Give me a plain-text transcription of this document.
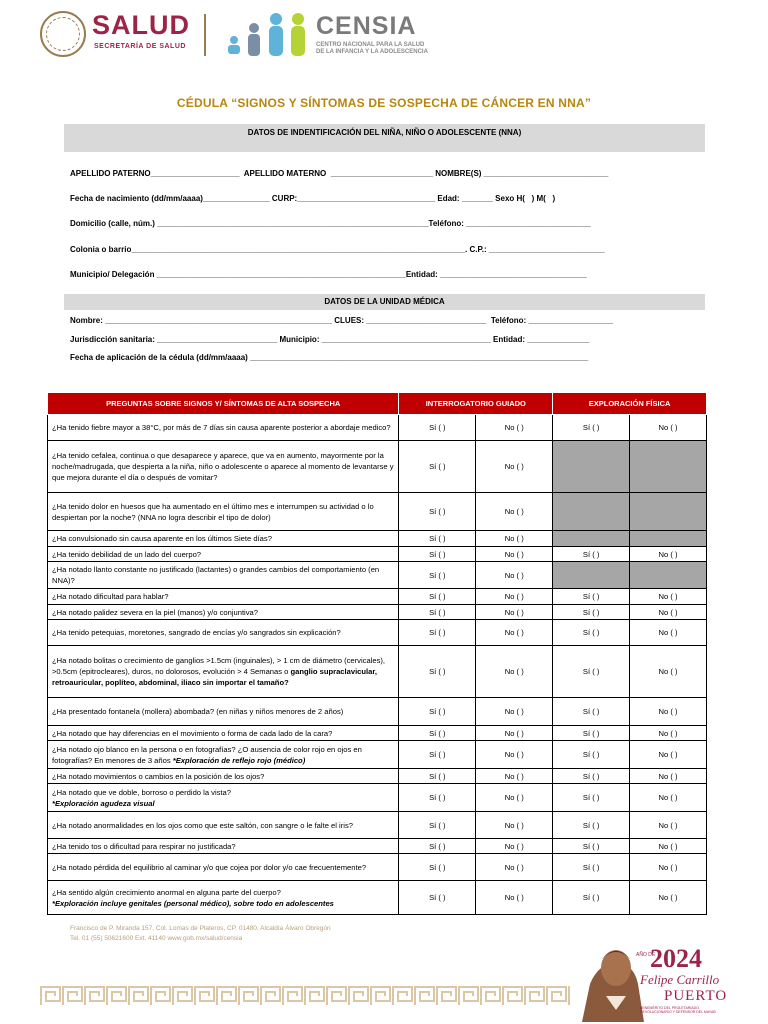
SALUD
SECRETARÍA DE SALUD
CENSIA
CENTRO NACIONAL PARA LA SALUD
DE LA INFANCIA Y LA ADOLESCENCIA
CÉDULA “SIGNOS Y SÍNTOMAS DE SOSPECHA DE CÁNCER EN NNA”
DATOS DE INDENTIFICACIÓN DEL NIÑA, NIÑO O ADOLESCENTE (NNA)
APELLIDO PATERNO____________________  APELLIDO MATERNO  _______________________ NOMBRE(S) ____________________________
Fecha de nacimiento (dd/mm/aaaa)_______________ CURP:_______________________________ Edad: _______ Sexo H(   ) M(   )
Domicilio (calle, núm.) _____________________________________________________________Teléfono: ____________________________
Colonia o barrio___________________________________________________________________________. C.P.: __________________________
Municipio/ Delegación ________________________________________________________Entidad: _________________________________
DATOS DE LA UNIDAD MÉDICA
Nombre: ___________________________________________________ CLUES: ___________________________  Teléfono: ___________________
Jurisdicción sanitaria: ___________________________ Municipio: ______________________________________ Entidad: ______________
Fecha de aplicación de la cédula (dd/mm/aaaa) ____________________________________________________________________________
PREGUNTAS SOBRE SIGNOS Y/ SÍNTOMAS DE ALTA SOSPECHA	INTERROGATORIO GUIADO		EXPLORACIÓN FÍSICA	
¿Ha tenido fiebre mayor a 38°C, por más de 7 días sin causa aparente posterior a abordaje medico?	Sí ( )	No ( )	Sí ( )	No ( )
¿Ha tenido cefalea, continua o que desaparece y aparece, que va en aumento, mayormente por la noche/madrugada, que despierta a la niña, niño o adolescente o aparece al momento de levantarse y que mejora durante el día o después de vomitar?	Sí ( )	No ( )		
¿Ha tenido dolor en huesos que ha aumentado en el último mes e interrumpen su actividad o lo despiertan por la noche? (NNA no logra describir el tipo de dolor)	Sí ( )	No ( )		
¿Ha convulsionado sin causa aparente en los últimos Siete días?	Sí ( )	No ( )		
¿Ha tenido debilidad de un lado del cuerpo?	Sí ( )	No ( )	Sí ( )	No ( )
¿Ha notado llanto constante no justificado (lactantes) o grandes cambios del comportamiento (en NNA)?	Sí ( )	No ( )		
¿Ha notado dificultad para hablar?	Sí ( )	No ( )	Sí ( )	No ( )
¿Ha notado palidez severa en la piel (manos) y/o conjuntiva?	Sí ( )	No ( )	Sí ( )	No ( )
¿Ha tenido petequias, moretones, sangrado de encías y/o sangrados sin explicación?	Sí ( )	No ( )	Sí ( )	No ( )
¿Ha notado bolitas o crecimiento de ganglios >1.5cm (inguinales), > 1 cm de diámetro (cervicales), >0.5cm (epitrocleares), duros, no dolorosos, evolución > 4 Semanas o ganglio supraclavicular, retroauricular, poplíteo, abdominal, iliaco sin importar el tamaño?	Sí ( )	No ( )	Sí ( )	No ( )
¿Ha presentado fontanela (mollera) abombada? (en niñas y niños menores de 2 años)	Sí ( )	No ( )	Sí ( )	No ( )
¿Ha notado que hay diferencias en el movimiento o forma de cada lado de la cara?	Sí ( )	No ( )	Sí ( )	No ( )
¿Ha notado ojo blanco en la persona o en fotografías? ¿O ausencia de color rojo en ojos en fotografías? En menores de 3 años *Exploración de reflejo rojo (médico)	Sí ( )	No ( )	Sí ( )	No ( )
¿Ha notado movimientos o cambios en la posición de los ojos?	Sí ( )	No ( )	Sí ( )	No ( )
¿Ha notado que ve doble, borroso o perdido la vista?
*Exploración agudeza visual	Sí ( )	No ( )	Sí ( )	No ( )
¿Ha notado anormalidades en los ojos como que este saltón, con sangre o le falte el iris?	Sí ( )	No ( )	Sí ( )	No ( )
¿Ha tenido tos o dificultad para respirar no justificada?	Sí ( )	No ( )	Sí ( )	No ( )
¿Ha notado pérdida del equilibrio al caminar y/o que cojea por dolor y/o cae frecuentemente?	Sí ( )	No ( )	Sí ( )	No ( )
¿Ha sentido algún crecimiento anormal en alguna parte del cuerpo?
*Exploración incluye genitales (personal médico), sobre todo en adolescentes	Sí ( )	No ( )	Sí ( )	No ( )
Francisco de P. Miranda 157, Col. Lomas de Plateros, CP. 01480, Alcaldía Álvaro Obregón
Tel. 01 (55) 50621600 Ext. 41140 www.gob.mx/salud/censia
AÑO DE
2024
Felipe Carrillo
PUERTO
BENEMÉRITO DEL PROLETARIADO, REVOLUCIONARIO Y DEFENSOR DEL MAYAB
